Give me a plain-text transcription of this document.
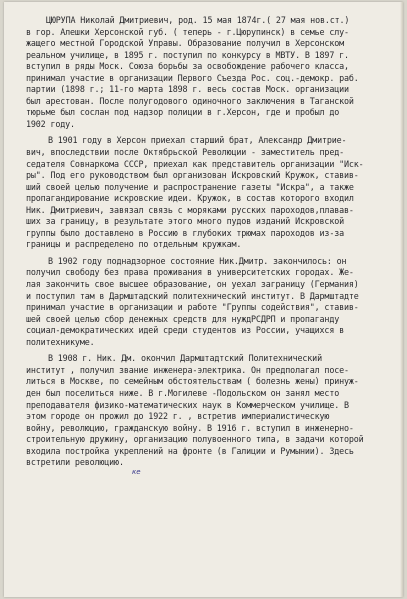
ЦЮРУПА Николай Дмитриевич, род. 15 мая 1874г.( 27 мая нов.ст.)
в гор. Алешки Херсонской губ. ( теперь - г.Цюрупинск) в семье слу-
жащего местной Городской Управы. Образование получил в Херсонском
реальном училище, в 1895 г. поступил по конкурсу в МВТУ. В 1897 г.
вступил в ряды Моск. Союза борьбы за освобождение рабочего класса,
принимал участие в организации Первого Съезда Рос. соц.-демокр. раб.
партии (1898 г.; 11-го марта 1898 г. весь состав Моск. организации
был арестован. После полугодового одиночного заключения в Таганской
тюрьме был сослан под надзор полиции в г.Херсон, где и пробыл до
1902 году.
В 1901 году в Херсон приехал старший брат, Александр Дмитрие-
вич, впоследствии после Октябрьской Революции - заместитель пред-
седателя Совнаркома СССР, приехал как представитель организации "Иск-
ры". Под его руководством был организован Искровский Кружок, ставив-
ший своей целью получение и распространение газеты "Искра", а также
пропагандирование искровские идеи. Кружок, в состав которого входил
Ник. Дмитриевич, завязал связь с моряками русских пароходов,плавав-
ших за границу, в результате этого много пудов изданий Искровской
группы было доставлено в Россию в глубоких трюмах пароходов из-за
границы и распределено по отдельным кружкам.
В 1902 году поднадзорное состояние Ник.Дмитр. закончилось: он
получил свободу без права проживания в университетских городах. Же-
лая закончить свое высшее образование, он уехал заграницу (Германия)
и поступил там в Дармштадский политехнический институт. В Дармштадте
принимал участие в организации и работе "Группы содействия", ставив-
шей своей целью сбор денежных средств для нуждРСДРП и пропаганду
социал-демократических идей среди студентов из России, учащихся в
политехникуме.
В 1908 г. Ник. Дм. окончил Дармштадтский Политехнический
институт , получил звание инженера-электрика. Он предполагал посе-
литься в Москве, по семейным обстоятельствам ( болезнь жены) принуж-
ден был поселиться ниже. В г.Могилеве -Подольском он занял место
преподавателя физико-математических наук в Коммерческом училище. В
этом городе он прожил до 1922 г. , встретив империалистическую
войну, революцию, гражданскую войну. В 1916 г. вступил в инженерно-
строительную дружину, организацию полувоенного типа, в задачи которой
входила постройка укреплений на фронте (в Галиции и Румынии). Здесь
встретили революцию.
ке
